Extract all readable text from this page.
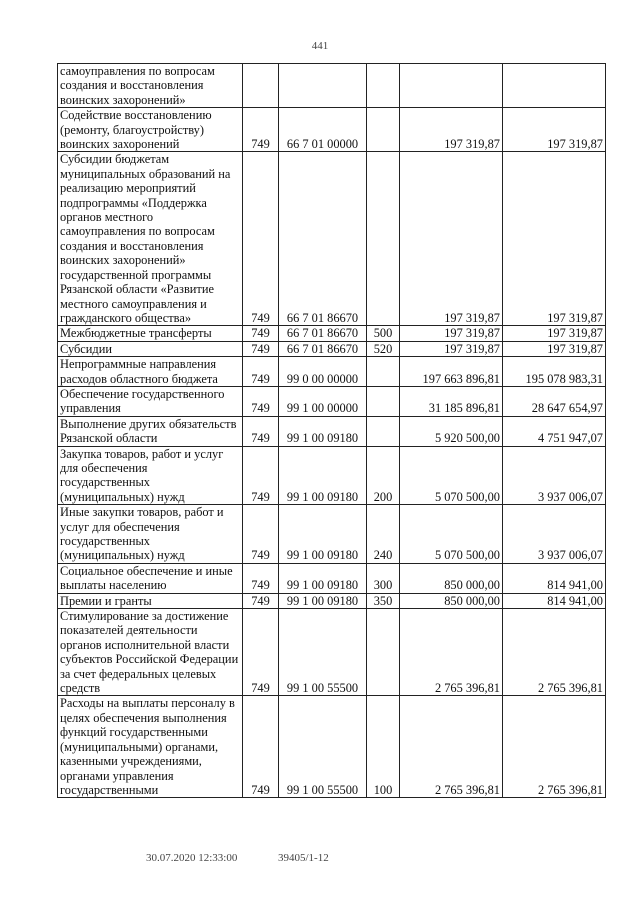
441
самоуправления по вопросам создания и восстановления воинских захоронений»					
Содействие восстановлению (ремонту, благоустройству) воинских захоронений	749	66 7 01 00000		197 319,87	197 319,87
Субсидии бюджетам муниципальных образований на реализацию мероприятий подпрограммы «Поддержка органов местного самоуправления по вопросам создания и восстановления воинских захоронений» государственной программы Рязанской области «Развитие местного самоуправления и гражданского общества»	749	66 7 01 86670		197 319,87	197 319,87
Межбюджетные трансферты	749	66 7 01 86670	500	197 319,87	197 319,87
Субсидии	749	66 7 01 86670	520	197 319,87	197 319,87
Непрограммные направления расходов областного бюджета	749	99 0 00 00000		197 663 896,81	195 078 983,31
Обеспечение государственного управления	749	99 1 00 00000		31 185 896,81	28 647 654,97
Выполнение других обязательств Рязанской области	749	99 1 00 09180		5 920 500,00	4 751 947,07
Закупка товаров, работ и услуг для обеспечения государственных (муниципальных) нужд	749	99 1 00 09180	200	5 070 500,00	3 937 006,07
Иные закупки товаров, работ и услуг для обеспечения государственных (муниципальных) нужд	749	99 1 00 09180	240	5 070 500,00	3 937 006,07
Социальное обеспечение и иные выплаты населению	749	99 1 00 09180	300	850 000,00	814 941,00
Премии и гранты	749	99 1 00 09180	350	850 000,00	814 941,00
Стимулирование за достижение показателей деятельности органов исполнительной власти субъектов Российской Федерации за счет федеральных целевых средств	749	99 1 00 55500		2 765 396,81	2 765 396,81
Расходы на выплаты персоналу в целях обеспечения выполнения функций государственными (муниципальными) органами, казенными учреждениями, органами управления государственными	749	99 1 00 55500	100	2 765 396,81	2 765 396,81
30.07.2020 12:33:00	39405/1-12
